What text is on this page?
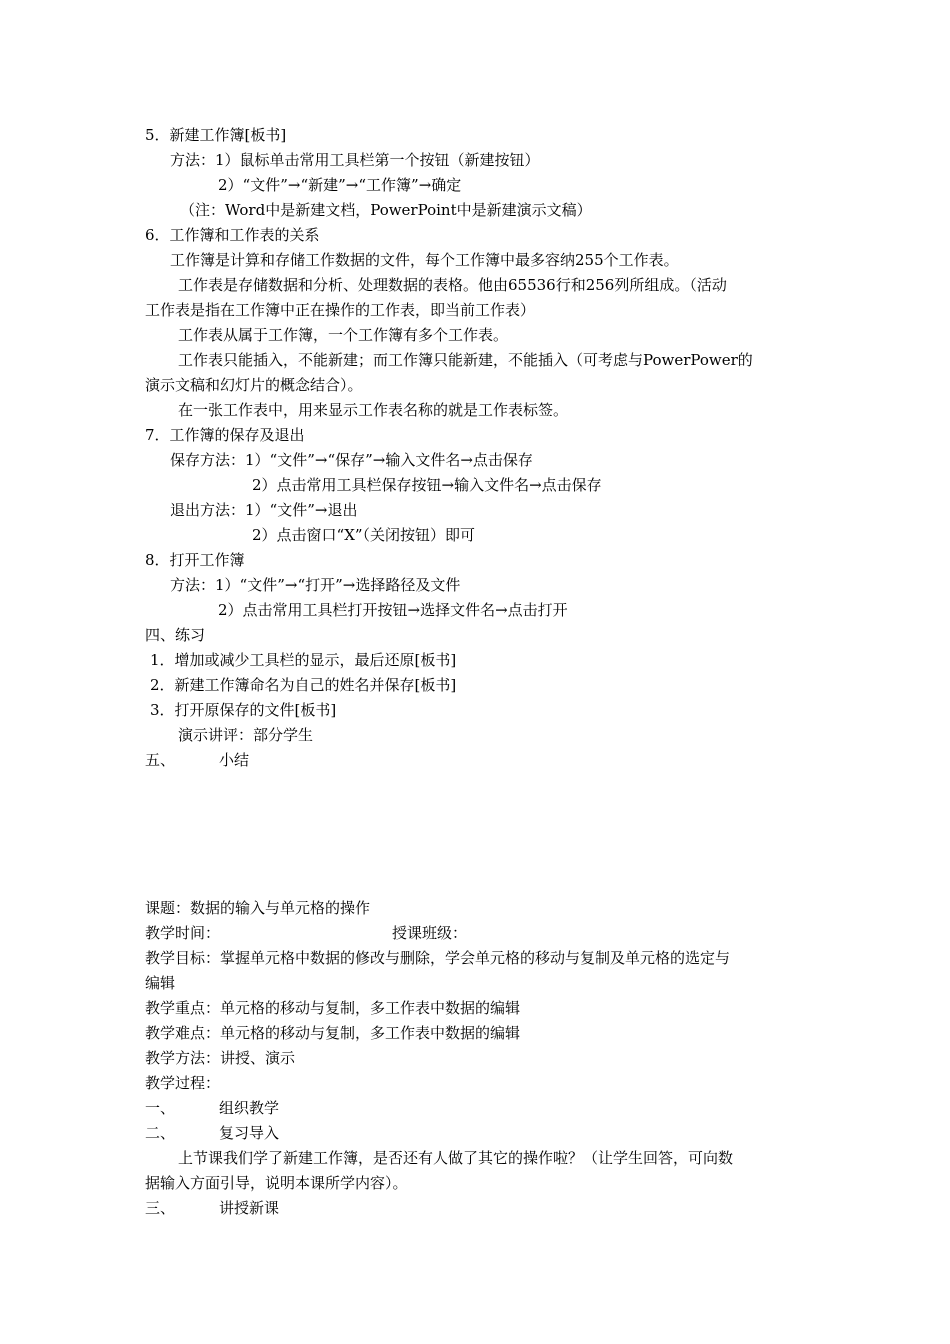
5．新建工作簿[板书]
方法：1）鼠标单击常用工具栏第一个按钮（新建按钮）
2）“文件”→“新建”→“工作簿”→确定
（注：Word中是新建文档，PowerPoint中是新建演示文稿）
6．工作簿和工作表的关系
工作簿是计算和存储工作数据的文件，每个工作簿中最多容纳255个工作表。
工作表是存储数据和分析、处理数据的表格。他由65536行和256列所组成。（活动
工作表是指在工作簿中正在操作的工作表，即当前工作表）
工作表从属于工作簿，一个工作簿有多个工作表。
工作表只能插入，不能新建；而工作簿只能新建，不能插入（可考虑与PowerPower的
演示文稿和幻灯片的概念结合）。
在一张工作表中，用来显示工作表名称的就是工作表标签。
7．工作簿的保存及退出
保存方法：1）“文件”→“保存”→输入文件名→点击保存
2）点击常用工具栏保存按钮→输入文件名→点击保存
退出方法：1）“文件”→退出
2）点击窗口“X”（关闭按钮）即可
8．打开工作簿
方法：1）“文件”→“打开”→选择路径及文件
2）点击常用工具栏打开按钮→选择文件名→点击打开
四、练习
1．增加或减少工具栏的显示，最后还原[板书]
2．新建工作簿命名为自己的姓名并保存[板书]
3．打开原保存的文件[板书]
演示讲评：部分学生
五、	小结
课题：数据的输入与单元格的操作
教学时间：	授课班级：
教学目标：掌握单元格中数据的修改与删除，学会单元格的移动与复制及单元格的选定与
编辑
教学重点：单元格的移动与复制，多工作表中数据的编辑
教学难点：单元格的移动与复制，多工作表中数据的编辑
教学方法：讲授、演示
教学过程：
一、	组织教学
二、	复习导入
上节课我们学了新建工作簿，是否还有人做了其它的操作啦？（让学生回答，可向数
据输入方面引导，说明本课所学内容）。
三、	讲授新课
